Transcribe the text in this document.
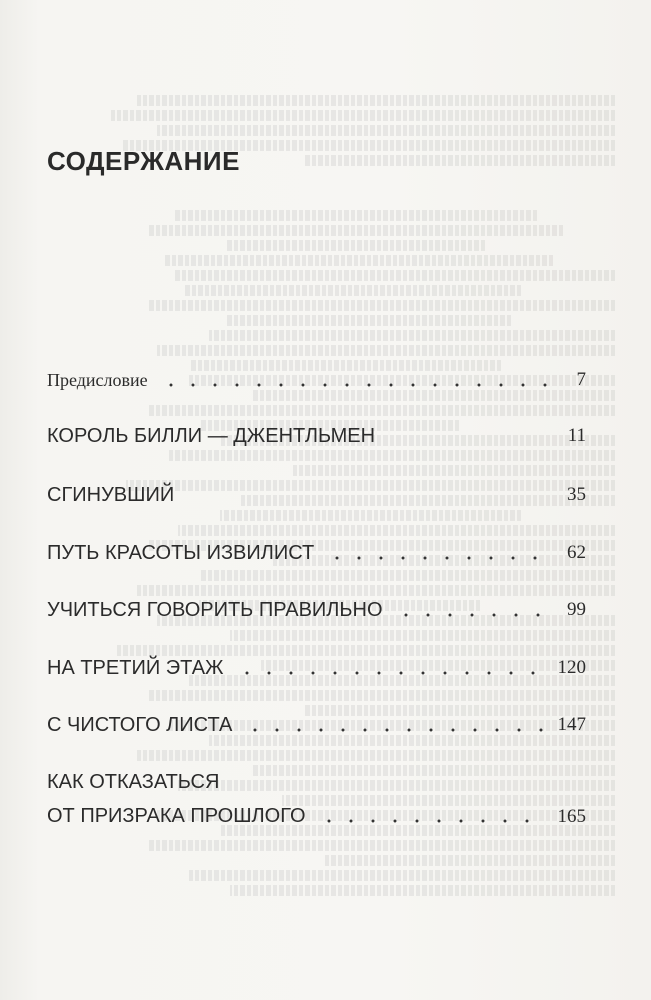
СОДЕРЖАНИЕ
Предисловие	7
КОРОЛЬ БИЛЛИ — ДЖЕНТЛЬМЕН	11
СГИНУВШИЙ	35
ПУТЬ КРАСОТЫ ИЗВИЛИСТ	62
УЧИТЬСЯ ГОВОРИТЬ ПРАВИЛЬНО	99
НА ТРЕТИЙ ЭТАЖ	120
С ЧИСТОГО ЛИСТА	147
КАК ОТКАЗАТЬСЯ
ОТ ПРИЗРАКА ПРОШЛОГО	165
